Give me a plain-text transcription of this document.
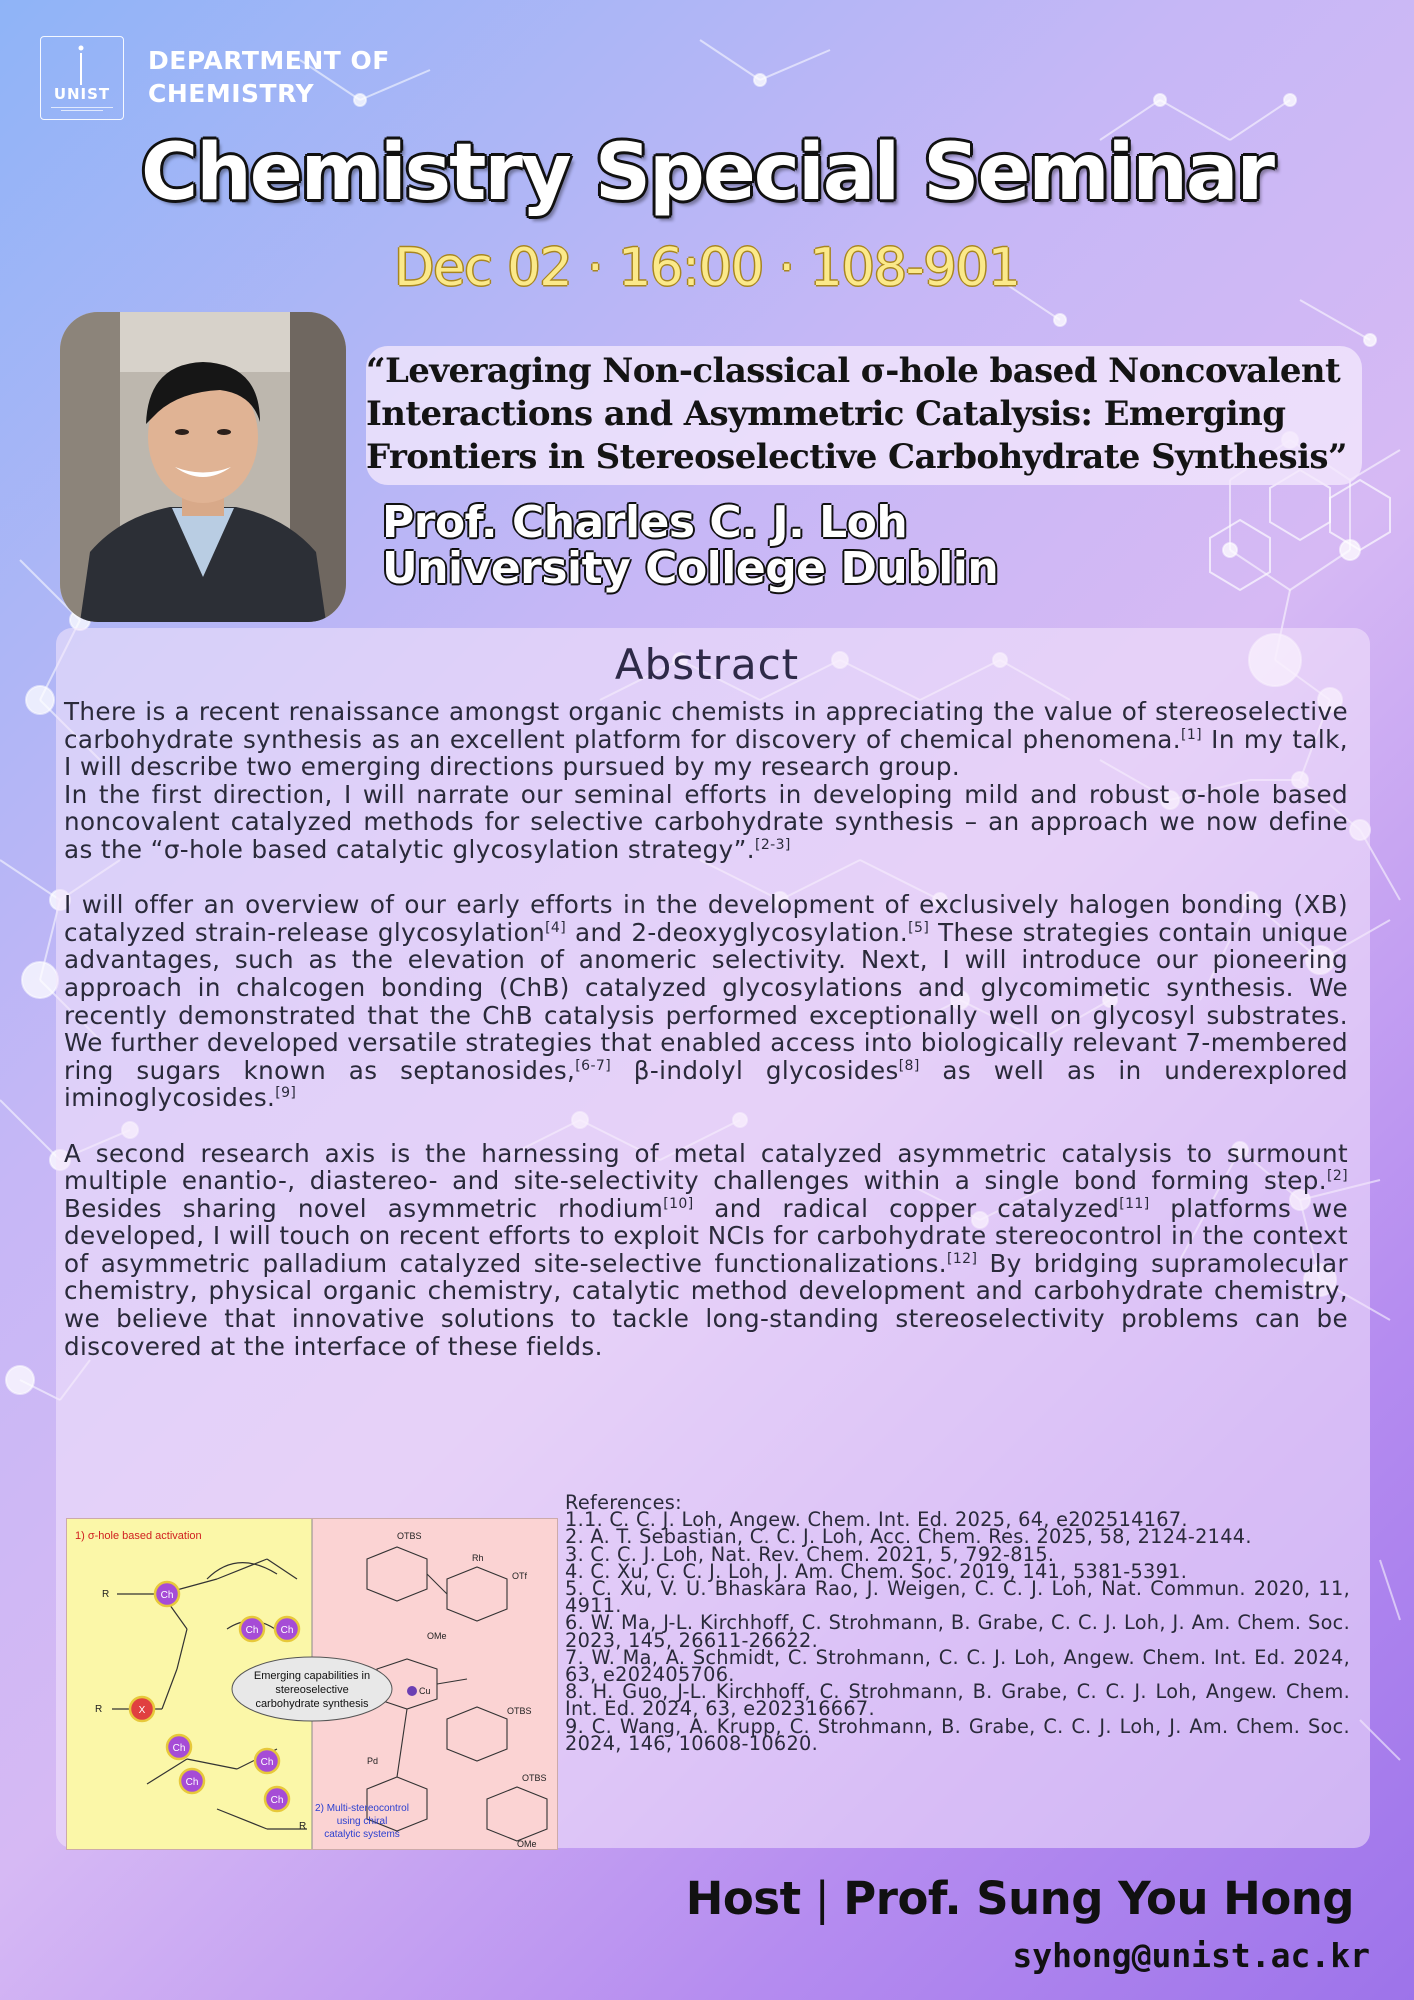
UNIST
DEPARTMENT OF
CHEMISTRY
Chemistry Special Seminar
Dec 02 · 16:00 · 108-901
“Leveraging Non-classical σ-hole based Noncovalent
Interactions and Asymmetric Catalysis: Emerging
Frontiers in Stereoselective Carbohydrate Synthesis”
Prof. Charles C. J. Loh
University College Dublin
Abstract

There is a recent renaissance amongst organic chemists in appreciating the value of stereoselective carbohydrate synthesis as an excellent platform for discovery of chemical phenomena.[1] In my talk, I will describe two emerging directions pursued by my research group.

In the first direction, I will narrate our seminal efforts in developing mild and robust σ-hole based noncovalent catalyzed methods for selective carbohydrate synthesis – an approach we now define as the “σ-hole based catalytic glycosylation strategy”.[2-3]

I will offer an overview of our early efforts in the development of exclusively halogen bonding (XB) catalyzed strain-release glycosylation[4] and 2-deoxyglycosylation.[5] These strategies contain unique advantages, such as the elevation of anomeric selectivity. Next, I will introduce our pioneering approach in chalcogen bonding (ChB) catalyzed glycosylations and glycomimetic synthesis. We recently demonstrated that the ChB catalysis performed exceptionally well on glycosyl substrates. We further developed versatile strategies that enabled access into biologically relevant 7-membered ring sugars known as septanosides,[6-7] β-indolyl glycosides[8] as well as in underexplored iminoglycosides.[9]

A second research axis is the harnessing of metal catalyzed asymmetric catalysis to surmount multiple enantio-, diastereo- and site-selectivity challenges within a single bond forming step.[2] Besides sharing novel asymmetric rhodium[10] and radical copper catalyzed[11] platforms we developed, I will touch on recent efforts to exploit NCIs for carbohydrate stereocontrol in the context of asymmetric palladium catalyzed site-selective functionalizations.[12] By bridging supramolecular chemistry, physical organic chemistry, catalytic method development and carbohydrate chemistry, we believe that innovative solutions to tackle long-standing stereoselectivity problems can be discovered at the interface of these fields.

1) σ-hole based activation
R
R
R
Ch
Ch Ch
Ch
Ch
Ch
Ch
X
OTBS
OTf
Rh
Cu
Pd
OTBS
OTBS
OMe
OMe
Emerging capabilities in
stereoselective
carbohydrate synthesis
2) Multi-stereocontrol
using chiral
catalytic systems
References:
1.1. C. C. J. Loh, Angew. Chem. Int. Ed. 2025, 64, e202514167.
2. A. T. Sebastian, C. C. J. Loh, Acc. Chem. Res. 2025, 58, 2124-2144.
3. C. C. J. Loh, Nat. Rev. Chem. 2021, 5, 792-815.
4. C. Xu, C. C. J. Loh, J. Am. Chem. Soc. 2019, 141, 5381-5391.
5. C. Xu, V. U. Bhaskara Rao, J. Weigen, C. C. J. Loh, Nat. Commun. 2020, 11, 4911.
6. W. Ma, J-L. Kirchhoff, C. Strohmann, B. Grabe, C. C. J. Loh, J. Am. Chem. Soc. 2023, 145, 26611-26622.
7. W. Ma, A. Schmidt, C. Strohmann, C. C. J. Loh, Angew. Chem. Int. Ed. 2024, 63, e202405706.
8. H. Guo, J-L. Kirchhoff, C. Strohmann, B. Grabe, C. C. J. Loh, Angew. Chem. Int. Ed. 2024, 63, e202316667.
9. C. Wang, A. Krupp, C. Strohmann, B. Grabe, C. C. J. Loh, J. Am. Chem. Soc. 2024, 146, 10608-10620.
Host | Prof. Sung You Hong
syhong@unist.ac.kr
